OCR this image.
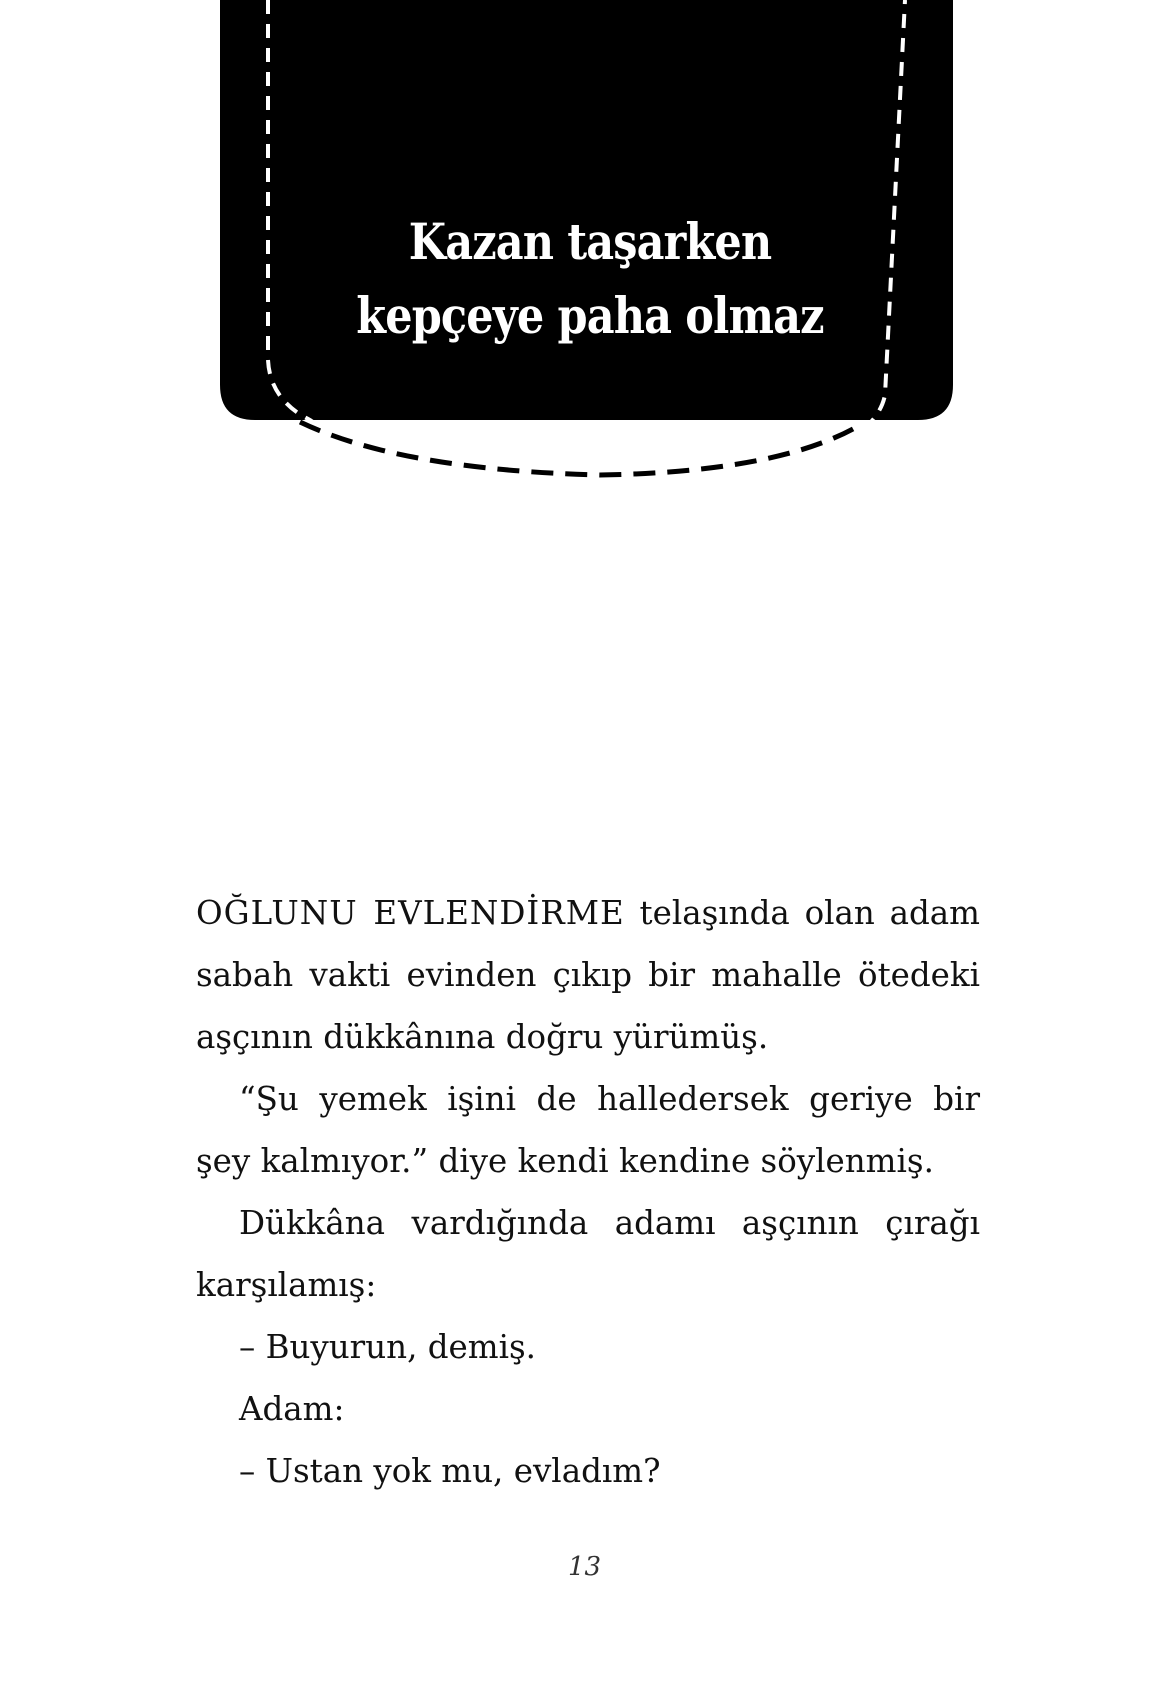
Kazan taşarken
kepçeye paha olmaz

OĞLUNU EVLENDİRME telaşında olan adam sabah vakti evinden çıkıp bir mahalle ötedeki aşçının dükkânına doğru yürümüş.

“Şu yemek işini de halledersek geriye bir şey kalmıyor.” diye kendi kendine söylenmiş.

Dükkâna vardığında adamı aşçının çırağı karşılamış:

– Buyurun, demiş.

Adam:

– Ustan yok mu, evladım?

13
